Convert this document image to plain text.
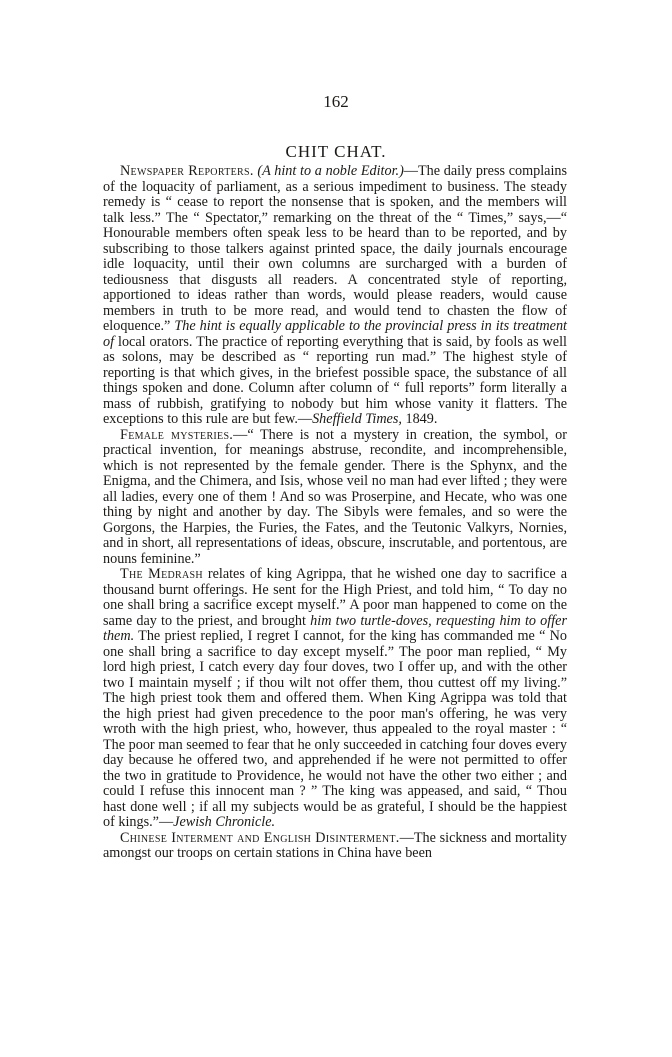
162
CHIT CHAT.

Newspaper Reporters. (A hint to a noble Editor.)—The daily press complains of the loquacity of parliament, as a serious impediment to business. The steady remedy is “ cease to report the nonsense that is spoken, and the members will talk less.” The “ Spectator,” remarking on the threat of the “ Times,” says,—“ Honourable members often speak less to be heard than to be reported, and by subscribing to those talkers against printed space, the daily journals encourage idle loquacity, until their own columns are surcharged with a burden of tediousness that disgusts all readers. A concentrated style of reporting, apportioned to ideas rather than words, would please readers, would cause members in truth to be more read, and would tend to chasten the flow of eloquence.” The hint is equally applicable to the provincial press in its treatment of local orators. The practice of reporting everything that is said, by fools as well as solons, may be described as “ reporting run mad.” The highest style of reporting is that which gives, in the briefest possible space, the substance of all things spoken and done. Column after column of “ full reports” form literally a mass of rubbish, gratifying to nobody but him whose vanity it flatters. The exceptions to this rule are but few.—Sheffield Times, 1849.

Female mysteries.—“ There is not a mystery in creation, the symbol, or practical invention, for meanings abstruse, recondite, and incomprehensible, which is not represented by the female gender. There is the Sphynx, and the Enigma, and the Chimera, and Isis, whose veil no man had ever lifted ; they were all ladies, every one of them ! And so was Proserpine, and Hecate, who was one thing by night and another by day. The Sibyls were females, and so were the Gorgons, the Harpies, the Furies, the Fates, and the Teutonic Valkyrs, Nornies, and in short, all representations of ideas, obscure, inscrutable, and portentous, are nouns feminine.”

The Medrash relates of king Agrippa, that he wished one day to sacrifice a thousand burnt offerings. He sent for the High Priest, and told him, “ To day no one shall bring a sacrifice except myself.” A poor man happened to come on the same day to the priest, and brought him two turtle-doves, requesting him to offer them. The priest replied, I regret I cannot, for the king has commanded me “ No one shall bring a sacrifice to day except myself.” The poor man replied, “ My lord high priest, I catch every day four doves, two I offer up, and with the other two I maintain myself ; if thou wilt not offer them, thou cuttest off my living.” The high priest took them and offered them. When King Agrippa was told that the high priest had given precedence to the poor man's offering, he was very wroth with the high priest, who, however, thus appealed to the royal master : “ The poor man seemed to fear that he only succeeded in catching four doves every day because he offered two, and apprehended if he were not permitted to offer the two in gratitude to Providence, he would not have the other two either ; and could I refuse this innocent man ? ” The king was appeased, and said, “ Thou hast done well ; if all my subjects would be as grateful, I should be the happiest of kings.”—Jewish Chronicle.

Chinese Interment and English Disinterment.—The sickness and mortality amongst our troops on certain stations in China have been
